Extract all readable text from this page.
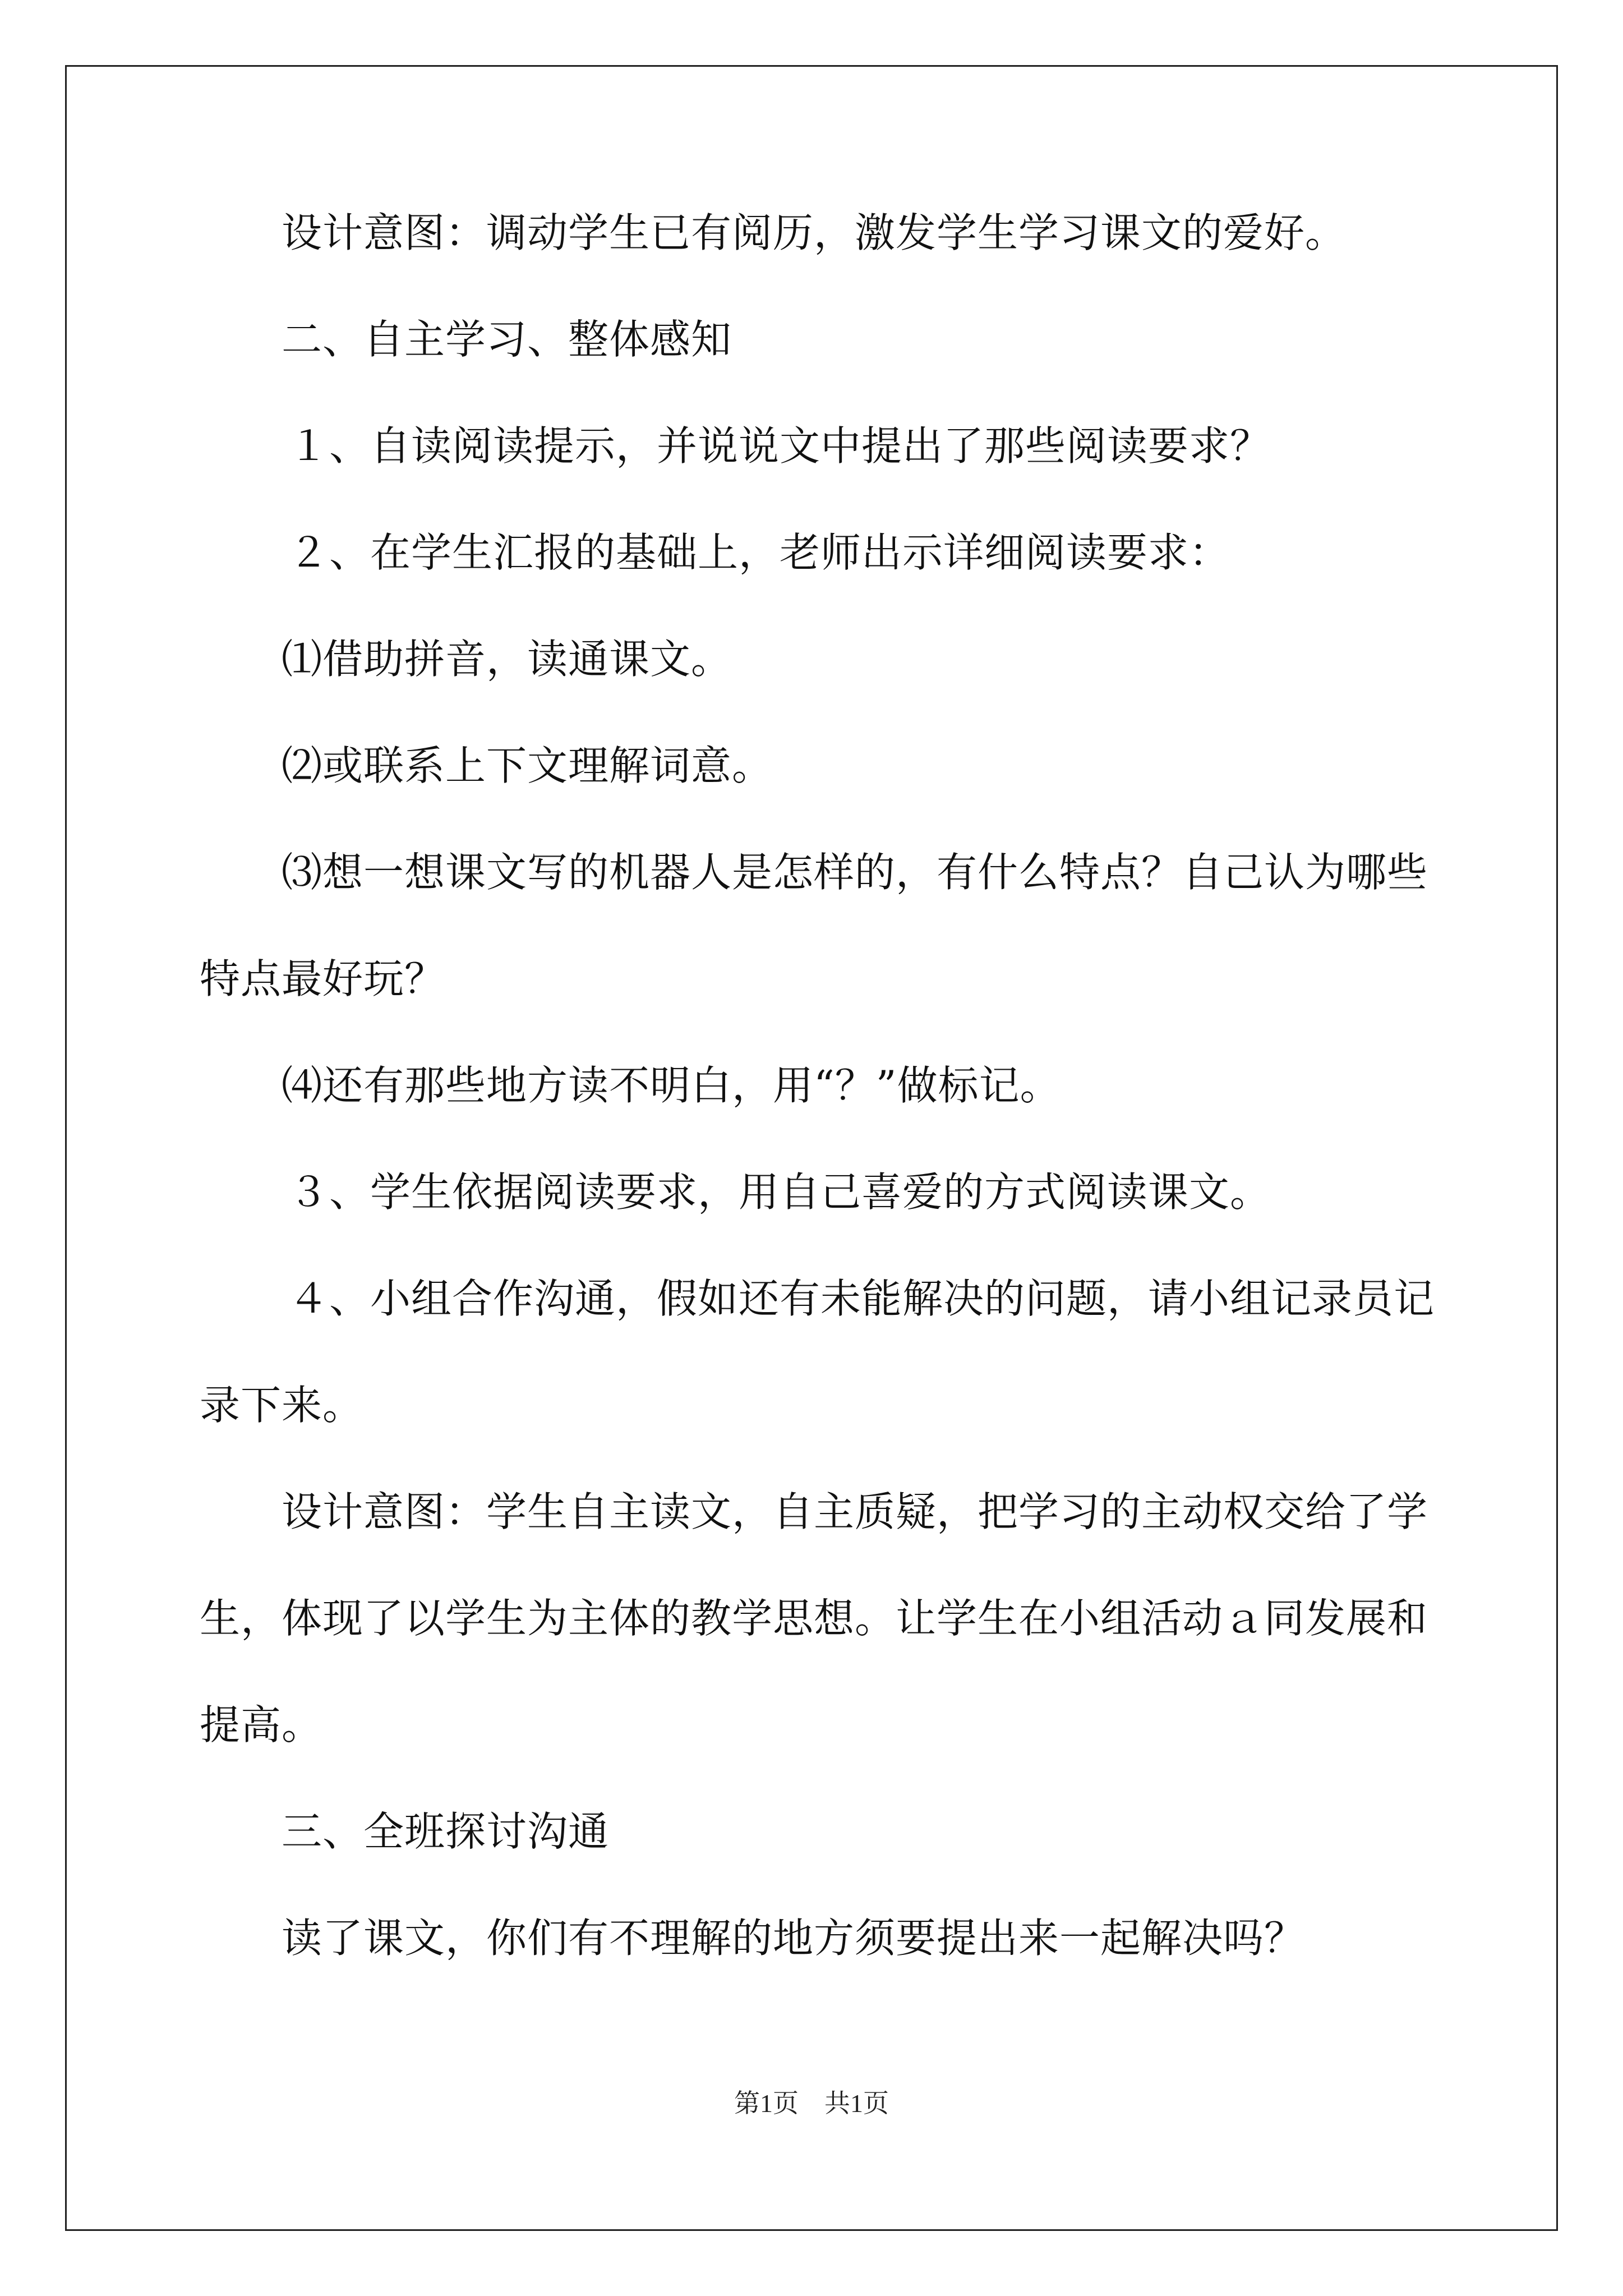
设计意图：调动学生已有阅历，激发学生学习课文的爱好。
二、自主学习、整体感知
１、自读阅读提示，并说说文中提出了那些阅读要求？
２、在学生汇报的基础上，老师出示详细阅读要求：
⑴借助拼音，读通课文。
⑵或联系上下文理解词意。
⑶想一想课文写的机器人是怎样的，有什么特点？自己认为哪些
特点最好玩？
⑷还有那些地方读不明白，用“？”做标记。
３、学生依据阅读要求，用自己喜爱的方式阅读课文。
４、小组合作沟通，假如还有未能解决的问题，请小组记录员记
录下来。
设计意图：学生自主读文，自主质疑，把学习的主动权交给了学
生，体现了以学生为主体的教学思想。让学生在小组活动ａ同发展和
提高。
三、全班探讨沟通
读了课文，你们有不理解的地方须要提出来一起解决吗？
第1页　共1页
